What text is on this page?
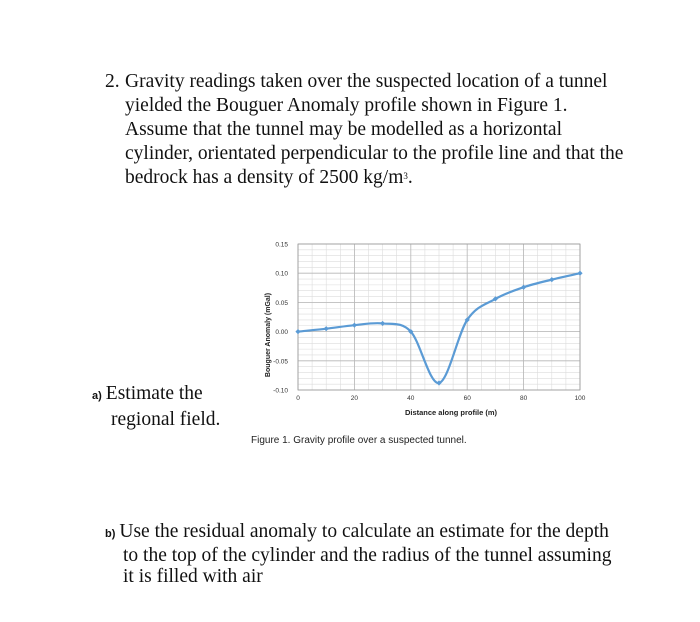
2. Gravity readings taken over the suspected location of a tunnel yielded the Bouguer Anomaly profile shown in Figure 1. Assume that the tunnel may be modelled as a horizontal cylinder, orientated perpendicular to the profile line and that the bedrock has a density of 2500 $kg/m^3$.
-0.10
-0.05
0.00
0.05
0.10
0.15
0	20	40	60	80	100
Bouguer Anomaly (mGal)
Distance along profile (m)
Figure 1. Gravity profile over a suspected tunnel.
a) Estimate the
regional field.
b) Use the residual anomaly to calculate an estimate for the depth
to the top of the cylinder and the radius of the tunnel assuming it is filled with air
